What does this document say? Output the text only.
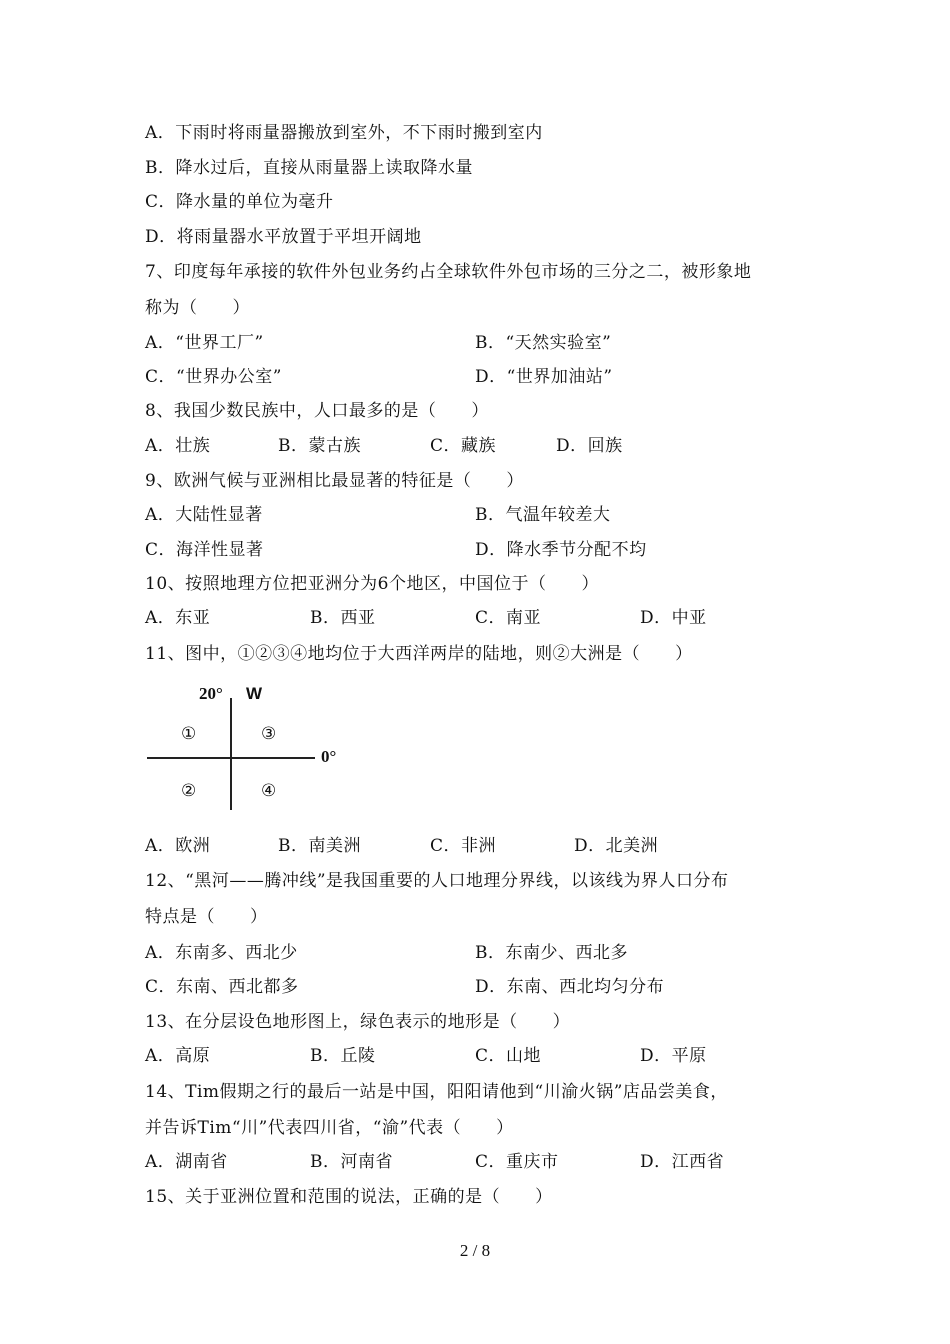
A．下雨时将雨量器搬放到室外，不下雨时搬到室内
B．降水过后，直接从雨量器上读取降水量
C．降水量的单位为毫升
D．将雨量器水平放置于平坦开阔地
7、印度每年承接的软件外包业务约占全球软件外包市场的三分之二，被形象地
称为（　　）
A．“世界工厂”	B．“天然实验室”
C．“世界办公室”	D．“世界加油站”
8、我国少数民族中，人口最多的是（　　）
A．壮族	B．蒙古族	C．藏族	D．回族
9、欧洲气候与亚洲相比最显著的特征是（　　）
A．大陆性显著	B．气温年较差大
C．海洋性显著	D．降水季节分配不均
10、按照地理方位把亚洲分为6个地区，中国位于（　　）
A．东亚	B．西亚	C．南亚	D．中亚
11、图中，①②③④地均位于大西洋两岸的陆地，则②大洲是（　　）
20° W
0°
①	③
②	④
A．欧洲	B．南美洲	C．非洲	D．北美洲
12、“黑河——腾冲线”是我国重要的人口地理分界线，以该线为界人口分布
特点是（　　）
A．东南多、西北少	B．东南少、西北多
C．东南、西北都多	D．东南、西北均匀分布
13、在分层设色地形图上，绿色表示的地形是（　　）
A．高原	B．丘陵	C．山地	D．平原
14、Tim假期之行的最后一站是中国，阳阳请他到“川渝火锅”店品尝美食，
并告诉Tim“川”代表四川省，“渝”代表（　　）
A．湖南省	B．河南省	C．重庆市	D．江西省
15、关于亚洲位置和范围的说法，正确的是（　　）
2 / 8
